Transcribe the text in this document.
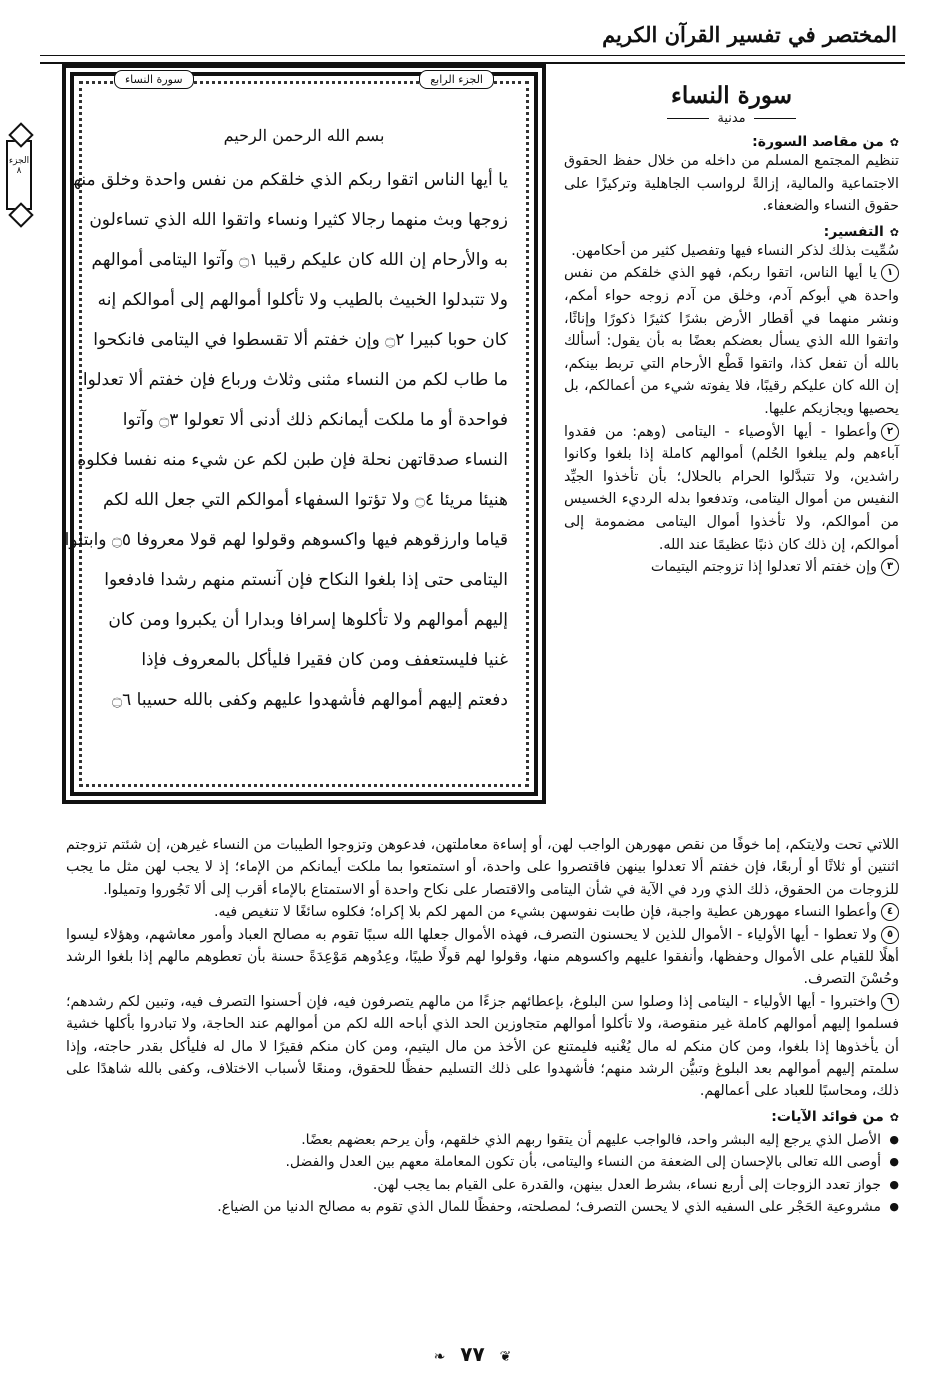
المختصر في تفسير القرآن الكريم
الجزء ٨
الجزء الرابع
سورة النساء
بسم الله الرحمن الرحيم
يا أيها الناس اتقوا ربكم الذي خلقكم من نفس واحدة وخلق منها
زوجها وبث منهما رجالا كثيرا ونساء واتقوا الله الذي تساءلون
به والأرحام إن الله كان عليكم رقيبا ۝١ وآتوا اليتامى أموالهم
ولا تتبدلوا الخبيث بالطيب ولا تأكلوا أموالهم إلى أموالكم إنه
كان حوبا كبيرا ۝٢ وإن خفتم ألا تقسطوا في اليتامى فانكحوا
ما طاب لكم من النساء مثنى وثلاث ورباع فإن خفتم ألا تعدلوا
فواحدة أو ما ملكت أيمانكم ذلك أدنى ألا تعولوا ۝٣ وآتوا
النساء صدقاتهن نحلة فإن طبن لكم عن شيء منه نفسا فكلوه
هنيئا مريئا ۝٤ ولا تؤتوا السفهاء أموالكم التي جعل الله لكم
قياما وارزقوهم فيها واكسوهم وقولوا لهم قولا معروفا ۝٥ وابتلوا
اليتامى حتى إذا بلغوا النكاح فإن آنستم منهم رشدا فادفعوا
إليهم أموالهم ولا تأكلوها إسرافا وبدارا أن يكبروا ومن كان
غنيا فليستعفف ومن كان فقيرا فليأكل بالمعروف فإذا
دفعتم إليهم أموالهم فأشهدوا عليهم وكفى بالله حسيبا ۝٦
سورة النساء
مدنية
✿من مقاصد السورة:

تنظيم المجتمع المسلم من داخله من خلال حفظ الحقوق الاجتماعية والمالية، إزالةً لرواسب الجاهلية وتركيزًا على حقوق النساء والضعفاء.

✿التفسير:

سُمِّيت بذلك لذكر النساء فيها وتفصيل كثير من أحكامهن.

١يا أيها الناس، اتقوا ربكم، فهو الذي خلقكم من نفس واحدة هي أبوكم آدم، وخلق من آدم زوجه حواء أمكم، ونشر منهما في أقطار الأرض بشرًا كثيرًا ذكورًا وإناثًا، واتقوا الله الذي يسأل بعضكم بعضًا به بأن يقول: أسألك بالله أن تفعل كذا، واتقوا قَطْع الأرحام التي تربط بينكم، إن الله كان عليكم رقيبًا، فلا يفوته شيء من أعمالكم، بل يحصيها ويجازيكم عليها.

٢وأعطوا - أيها الأوصياء - اليتامى (وهم: من فقدوا آباءهم ولم يبلغوا الحُلم) أموالهم كاملة إذا بلغوا وكانوا راشدين، ولا تتبدَّلوا الحرام بالحلال؛ بأن تأخذوا الجيِّد النفيس من أموال اليتامى، وتدفعوا بدله الرديء الخسيس من أموالكم، ولا تأخذوا أموال اليتامى مضمومة إلى أموالكم، إن ذلك كان ذنبًا عظيمًا عند الله.

٣وإن خفتم ألا تعدلوا إذا تزوجتم اليتيمات

اللاتي تحت ولايتكم، إما خوفًا من نقص مهورهن الواجب لهن، أو إساءة معاملتهن، فدعوهن وتزوجوا الطيبات من النساء غيرهن، إن شئتم تزوجتم اثنتين أو ثلاثًا أو أربعًا، فإن خفتم ألا تعدلوا بينهن فاقتصروا على واحدة، أو استمتعوا بما ملكت أيمانكم من الإماء؛ إذ لا يجب لهن مثل ما يجب للزوجات من الحقوق، ذلك الذي ورد في الآية في شأن اليتامى والاقتصار على نكاح واحدة أو الاستمتاع بالإماء أقرب إلى ألا تَجُوروا وتميلوا.

٤وأعطوا النساء مهورهن عطية واجبة، فإن طابت نفوسهن بشيء من المهر لكم بلا إكراه؛ فكلوه سائغًا لا تنغيص فيه.

٥ولا تعطوا - أيها الأولياء - الأموال للذين لا يحسنون التصرف، فهذه الأموال جعلها الله سببًا تقوم به مصالح العباد وأمور معاشهم، وهؤلاء ليسوا أهلًا للقيام على الأموال وحفظها، وأنفقوا عليهم واكسوهم منها، وقولوا لهم قولًا طيبًا، وعِدُوهم مَوْعِدَةً حسنة بأن تعطوهم مالهم إذا بلغوا الرشد وحُسْنَ التصرف.

٦واختبروا - أيها الأولياء - اليتامى إذا وصلوا سن البلوغ، بإعطائهم جزءًا من مالهم يتصرفون فيه، فإن أحسنوا التصرف فيه، وتبين لكم رشدهم؛ فسلموا إليهم أموالهم كاملة غير منقوصة، ولا تأكلوا أموالهم متجاوزين الحد الذي أباحه الله لكم من أموالهم عند الحاجة، ولا تبادروا بأكلها خشية أن يأخذوها إذا بلغوا، ومن كان منكم له مال يُغْنيه فليمتنع عن الأخذ من مال اليتيم، ومن كان منكم فقيرًا لا مال له فليأكل بقدر حاجته، وإذا سلمتم إليهم أموالهم بعد البلوغ وتبيُّن الرشد منهم؛ فأشهدوا على ذلك التسليم حفظًا للحقوق، ومنعًا لأسباب الاختلاف، وكفى بالله شاهدًا على ذلك، ومحاسبًا للعباد على أعمالهم.

✿من فوائد الآيات:
● الأصل الذي يرجع إليه البشر واحد، فالواجب عليهم أن يتقوا ربهم الذي خلقهم، وأن يرحم بعضهم بعضًا.
● أوصى الله تعالى بالإحسان إلى الضعفة من النساء واليتامى، بأن تكون المعاملة معهم بين العدل والفضل.
● جواز تعدد الزوجات إلى أربع نساء، بشرط العدل بينهن، والقدرة على القيام بما يجب لهن.
● مشروعية الحَجْر على السفيه الذي لا يحسن التصرف؛ لمصلحته، وحفظًا للمال الذي تقوم به مصالح الدنيا من الضياع.
❦ ٧٧ ❧
